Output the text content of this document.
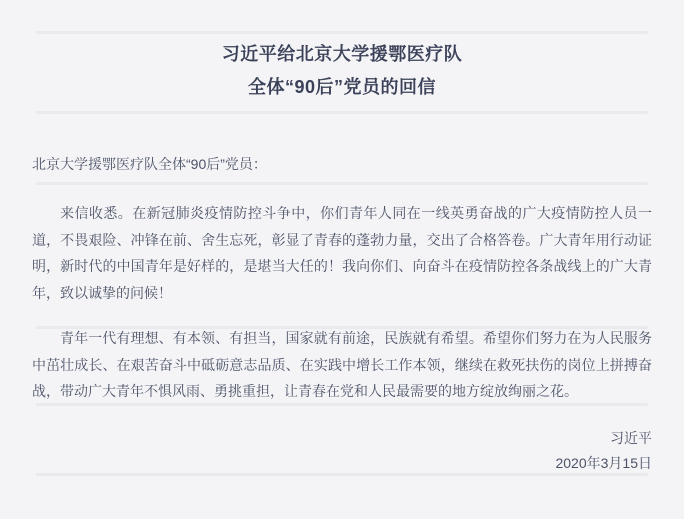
习近平给北京大学援鄂医疗队
全体“90后”党员的回信
北京大学援鄂医疗队全体“90后”党员：

来信收悉。在新冠肺炎疫情防控斗争中，你们青年人同在一线英勇奋战的广大疫情防控人员一道，不畏艰险、冲锋在前、舍生忘死，彰显了青春的蓬勃力量，交出了合格答卷。广大青年用行动证明，新时代的中国青年是好样的，是堪当大任的！我向你们、向奋斗在疫情防控各条战线上的广大青年，致以诚挚的问候！

青年一代有理想、有本领、有担当，国家就有前途，民族就有希望。希望你们努力在为人民服务中茁壮成长、在艰苦奋斗中砥砺意志品质、在实践中增长工作本领，继续在救死扶伤的岗位上拼搏奋战，带动广大青年不惧风雨、勇挑重担，让青春在党和人民最需要的地方绽放绚丽之花。

习近平
2020年3月15日
